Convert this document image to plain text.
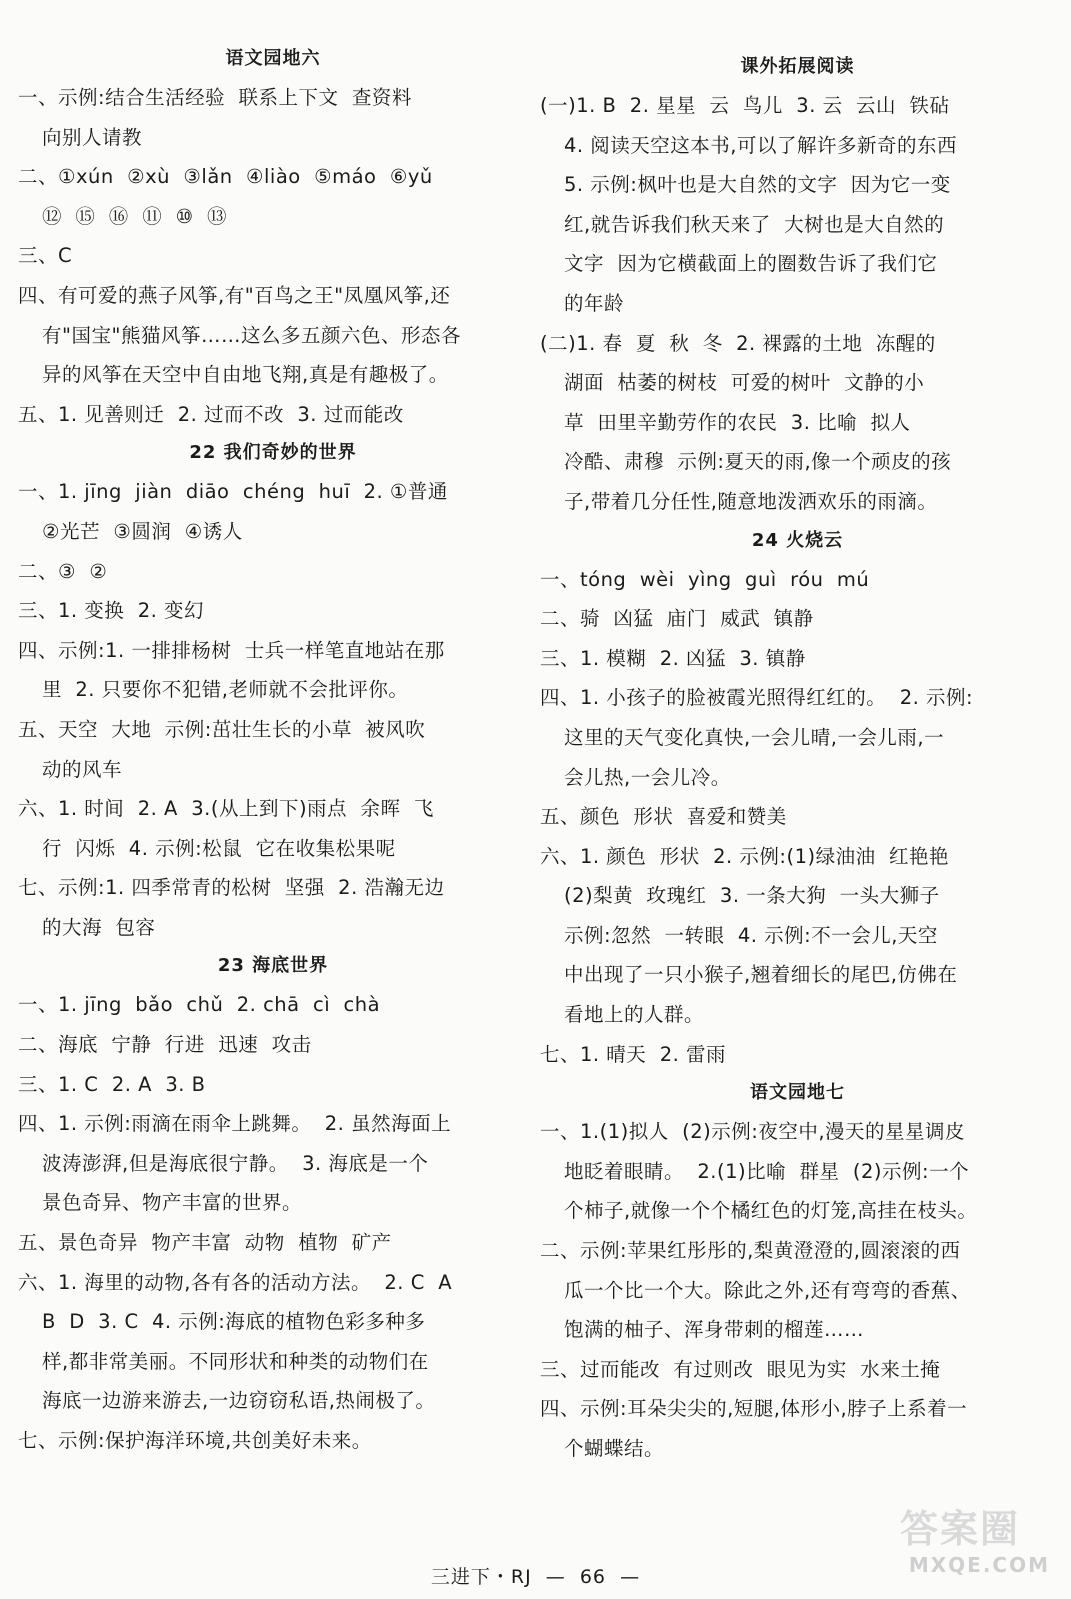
语文园地六
一、示例:结合生活经验  联系上下文  查资料
向别人请教
二、①xún  ②xù  ③lǎn  ④liào  ⑤máo  ⑥yǔ
⑫  ⑮  ⑯  ⑪  ⑩  ⑬
三、C
四、有可爱的燕子风筝,有"百鸟之王"凤凰风筝,还
有"国宝"熊猫风筝……这么多五颜六色、形态各
异的风筝在天空中自由地飞翔,真是有趣极了。
五、1. 见善则迁  2. 过而不改  3. 过而能改
22 我们奇妙的世界
一、1. jīng  jiàn  diāo  chéng  huī  2. ①普通
②光芒  ③圆润  ④诱人
二、③  ②
三、1. 变换  2. 变幻
四、示例:1. 一排排杨树  士兵一样笔直地站在那
里  2. 只要你不犯错,老师就不会批评你。
五、天空  大地  示例:茁壮生长的小草  被风吹
动的风车
六、1. 时间  2. A  3.(从上到下)雨点  余晖  飞
行  闪烁  4. 示例:松鼠  它在收集松果呢
七、示例:1. 四季常青的松树  坚强  2. 浩瀚无边
的大海  包容
23 海底世界
一、1. jīng  bǎo  chǔ  2. chā  cì  chà
二、海底  宁静  行进  迅速  攻击
三、1. C  2. A  3. B
四、1. 示例:雨滴在雨伞上跳舞。  2. 虽然海面上
波涛澎湃,但是海底很宁静。  3. 海底是一个
景色奇异、物产丰富的世界。
五、景色奇异  物产丰富  动物  植物  矿产
六、1. 海里的动物,各有各的活动方法。  2. C  A
B  D  3. C  4. 示例:海底的植物色彩多种多
样,都非常美丽。不同形状和种类的动物们在
海底一边游来游去,一边窃窃私语,热闹极了。
七、示例:保护海洋环境,共创美好未来。
课外拓展阅读
(一)1. B  2. 星星  云  鸟儿  3. 云  云山  铁砧
4. 阅读天空这本书,可以了解许多新奇的东西
5. 示例:枫叶也是大自然的文字  因为它一变
红,就告诉我们秋天来了  大树也是大自然的
文字  因为它横截面上的圈数告诉了我们它
的年龄
(二)1. 春  夏  秋  冬  2. 裸露的土地  冻醒的
湖面  枯萎的树枝  可爱的树叶  文静的小
草  田里辛勤劳作的农民  3. 比喻  拟人
冷酷、肃穆  示例:夏天的雨,像一个顽皮的孩
子,带着几分任性,随意地泼洒欢乐的雨滴。
24 火烧云
一、tóng  wèi  yìng  guì  róu  mú
二、骑  凶猛  庙门  威武  镇静
三、1. 模糊  2. 凶猛  3. 镇静
四、1. 小孩子的脸被霞光照得红红的。  2. 示例:
这里的天气变化真快,一会儿晴,一会儿雨,一
会儿热,一会儿冷。
五、颜色  形状  喜爱和赞美
六、1. 颜色  形状  2. 示例:(1)绿油油  红艳艳
(2)梨黄  玫瑰红  3. 一条大狗  一头大狮子
示例:忽然  一转眼  4. 示例:不一会儿,天空
中出现了一只小猴子,翘着细长的尾巴,仿佛在
看地上的人群。
七、1. 晴天  2. 雷雨
语文园地七
一、1.(1)拟人  (2)示例:夜空中,漫天的星星调皮
地眨着眼睛。  2.(1)比喻  群星  (2)示例:一个
个柿子,就像一个个橘红色的灯笼,高挂在枝头。
二、示例:苹果红彤彤的,梨黄澄澄的,圆滚滚的西
瓜一个比一个大。除此之外,还有弯弯的香蕉、
饱满的柚子、浑身带刺的榴莲……
三、过而能改  有过则改  眼见为实  水来土掩
四、示例:耳朵尖尖的,短腿,体形小,脖子上系着一
个蝴蝶结。
三进下・RJ  —  66  —
答案圈
MXQE.COM
